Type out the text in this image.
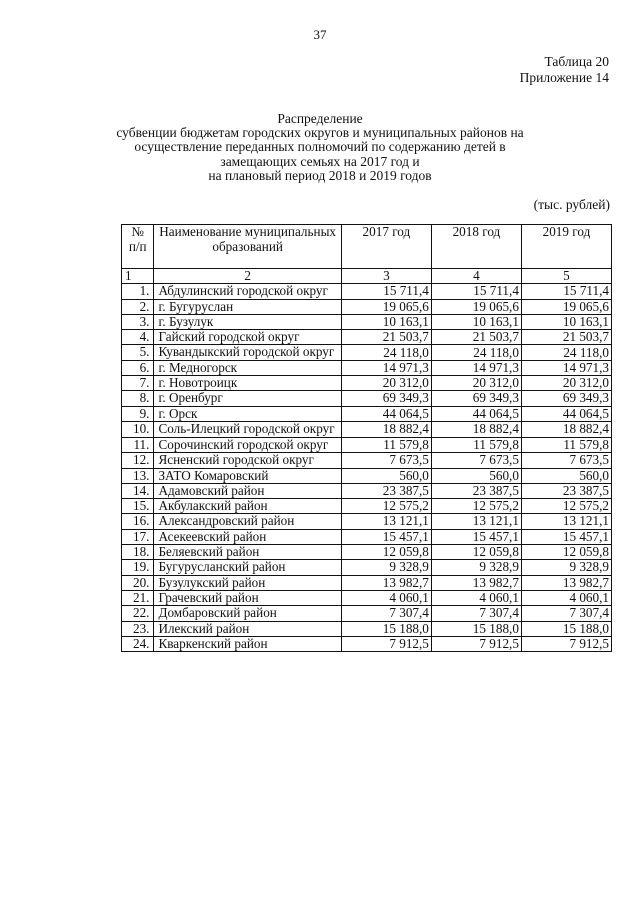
37
Таблица 20
Приложение 14
Распределение
субвенции бюджетам городских округов и муниципальных районов на
осуществление переданных полномочий по содержанию детей в
замещающих семьях на 2017 год и
на плановый период 2018 и 2019 годов
(тыс. рублей)
№ п/п	Наименование муниципальных образований	2017 год	2018 год	2019 год
1	2	3	4	5
1.	Абдулинский городской округ	15 711,4	15 711,4	15 711,4
2.	г. Бугуруслан	19 065,6	19 065,6	19 065,6
3.	г. Бузулук	10 163,1	10 163,1	10 163,1
4.	Гайский городской округ	21 503,7	21 503,7	21 503,7
5.	Кувандыкский городской округ	24 118,0	24 118,0	24 118,0
6.	г. Медногорск	14 971,3	14 971,3	14 971,3
7.	г. Новотроицк	20 312,0	20 312,0	20 312,0
8.	г. Оренбург	69 349,3	69 349,3	69 349,3
9.	г. Орск	44 064,5	44 064,5	44 064,5
10.	Соль-Илецкий городской округ	18 882,4	18 882,4	18 882,4
11.	Сорочинский городской округ	11 579,8	11 579,8	11 579,8
12.	Ясненский городской округ	7 673,5	7 673,5	7 673,5
13.	ЗАТО Комаровский	560,0	560,0	560,0
14.	Адамовский район	23 387,5	23 387,5	23 387,5
15.	Акбулакский район	12 575,2	12 575,2	12 575,2
16.	Александровский район	13 121,1	13 121,1	13 121,1
17.	Асекеевский район	15 457,1	15 457,1	15 457,1
18.	Беляевский район	12 059,8	12 059,8	12 059,8
19.	Бугурусланский район	9 328,9	9 328,9	9 328,9
20.	Бузулукский район	13 982,7	13 982,7	13 982,7
21.	Грачевский район	4 060,1	4 060,1	4 060,1
22.	Домбаровский район	7 307,4	7 307,4	7 307,4
23.	Илекский район	15 188,0	15 188,0	15 188,0
24.	Кваркенский район	7 912,5	7 912,5	7 912,5
